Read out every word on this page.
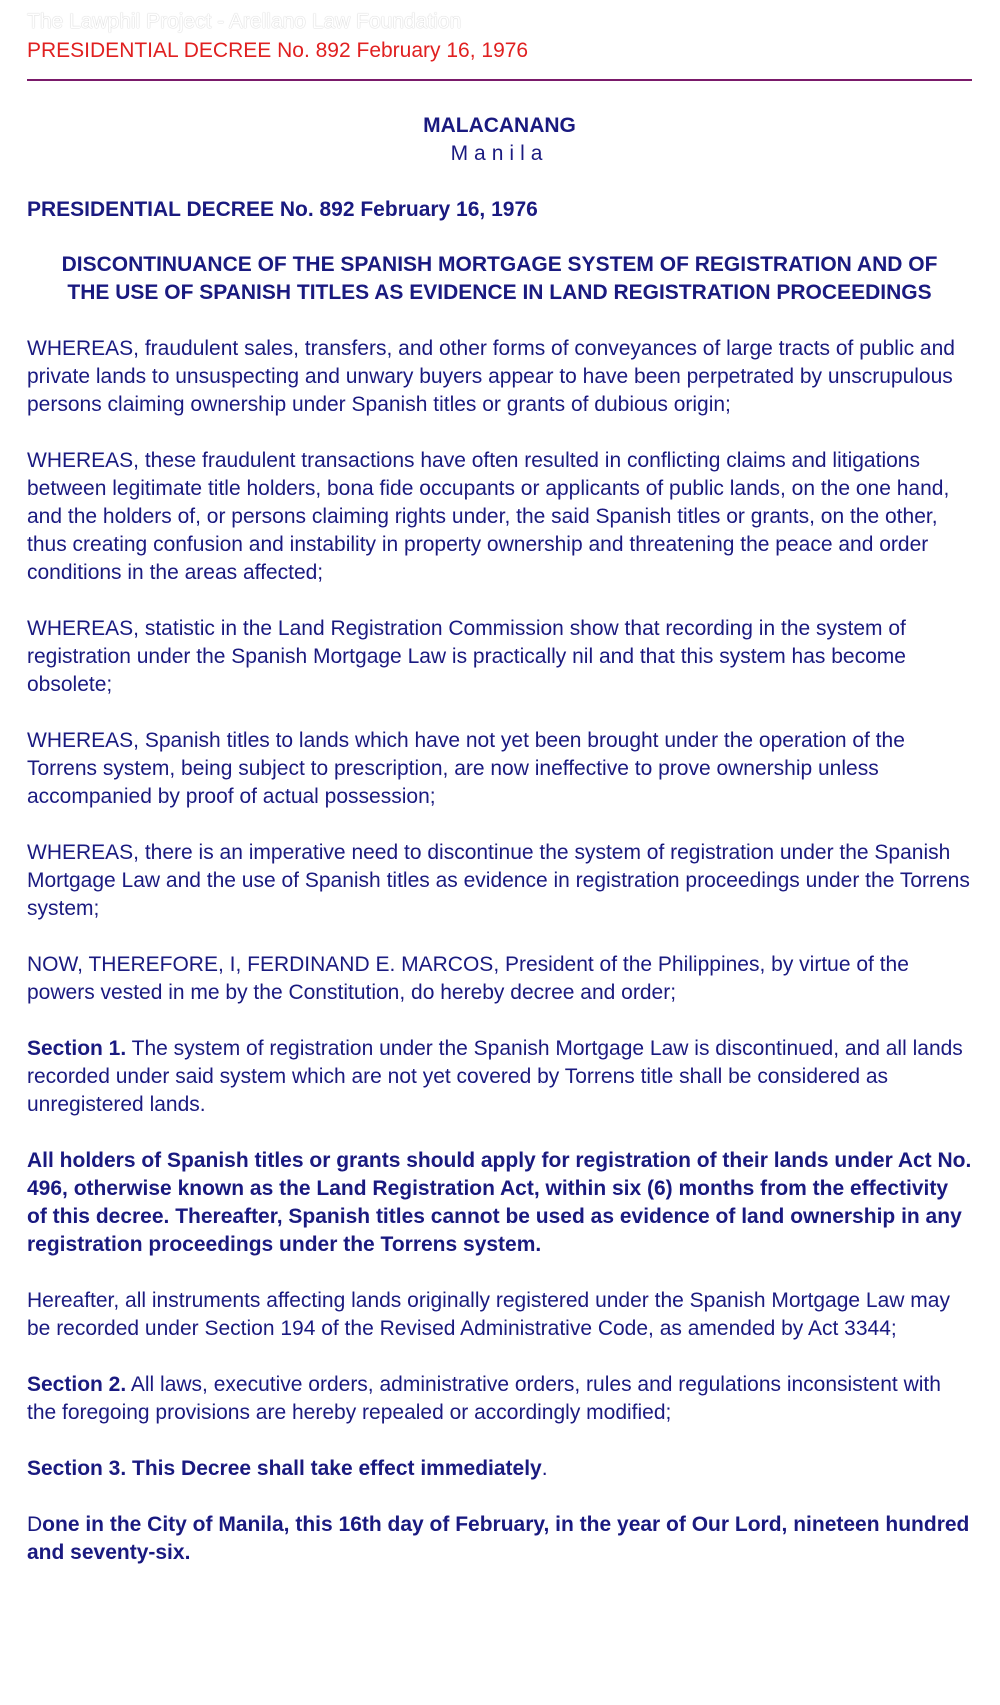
The Lawphil Project - Arellano Law Foundation
PRESIDENTIAL DECREE No. 892 February 16, 1976
MALACANANG
Manila
PRESIDENTIAL DECREE No. 892 February 16, 1976
DISCONTINUANCE OF THE SPANISH MORTGAGE SYSTEM OF REGISTRATION AND OF THE USE OF SPANISH TITLES AS EVIDENCE IN LAND REGISTRATION PROCEEDINGS

WHEREAS, fraudulent sales, transfers, and other forms of conveyances of large tracts of public and private lands to unsuspecting and unwary buyers appear to have been perpetrated by unscrupulous persons claiming ownership under Spanish titles or grants of dubious origin;

WHEREAS, these fraudulent transactions have often resulted in conflicting claims and litigations between legitimate title holders, bona fide occupants or applicants of public lands, on the one hand, and the holders of, or persons claiming rights under, the said Spanish titles or grants, on the other, thus creating confusion and instability in property ownership and threatening the peace and order conditions in the areas affected;

WHEREAS, statistic in the Land Registration Commission show that recording in the system of registration under the Spanish Mortgage Law is practically nil and that this system has become obsolete;

WHEREAS, Spanish titles to lands which have not yet been brought under the operation of the Torrens system, being subject to prescription, are now ineffective to prove ownership unless accompanied by proof of actual possession;

WHEREAS, there is an imperative need to discontinue the system of registration under the Spanish Mortgage Law and the use of Spanish titles as evidence in registration proceedings under the Torrens system;

NOW, THEREFORE, I, FERDINAND E. MARCOS, President of the Philippines, by virtue of the powers vested in me by the Constitution, do hereby decree and order;

Section 1. The system of registration under the Spanish Mortgage Law is discontinued, and all lands recorded under said system which are not yet covered by Torrens title shall be considered as unregistered lands.

All holders of Spanish titles or grants should apply for registration of their lands under Act No. 496, otherwise known as the Land Registration Act, within six (6) months from the effectivity of this decree. Thereafter, Spanish titles cannot be used as evidence of land ownership in any registration proceedings under the Torrens system.

Hereafter, all instruments affecting lands originally registered under the Spanish Mortgage Law may be recorded under Section 194 of the Revised Administrative Code, as amended by Act 3344;

Section 2. All laws, executive orders, administrative orders, rules and regulations inconsistent with the foregoing provisions are hereby repealed or accordingly modified;

Section 3. This Decree shall take effect immediately.

Done in the City of Manila, this 16th day of February, in the year of Our Lord, nineteen hundred and seventy-six.
